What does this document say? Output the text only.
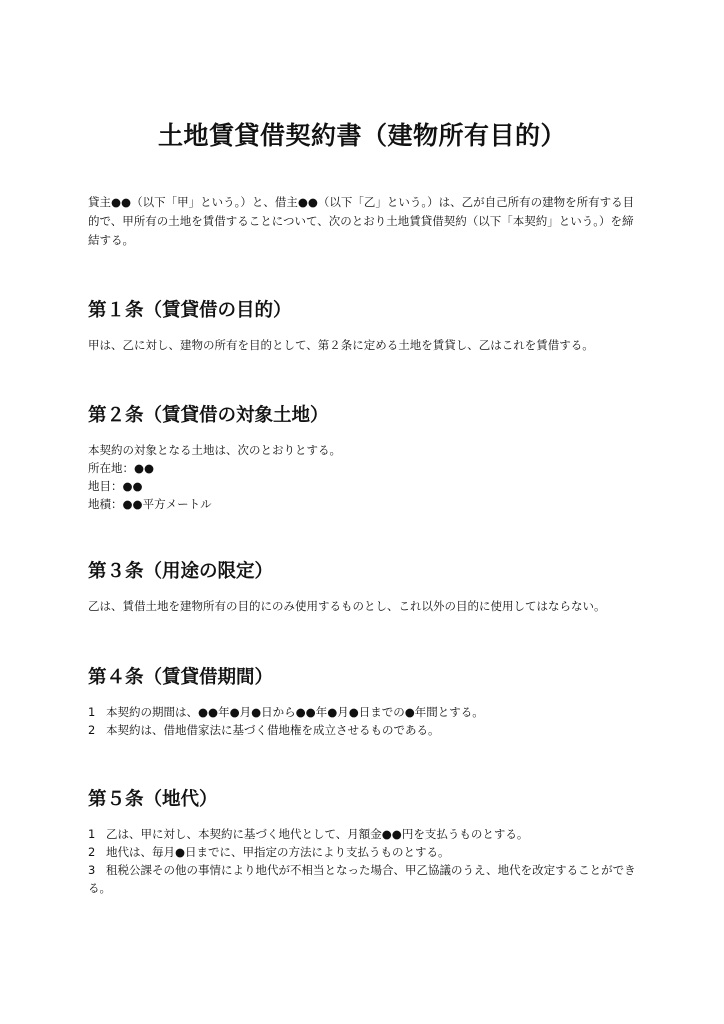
土地賃貸借契約書（建物所有目的）

貸主●●（以下「甲」という。）と、借主●●（以下「乙」という。）は、乙が自己所有の建物を所有する目的で、甲所有の土地を賃借することについて、次のとおり土地賃貸借契約（以下「本契約」という。）を締結する。

第１条（賃貸借の目的）
甲は、乙に対し、建物の所有を目的として、第２条に定める土地を賃貸し、乙はこれを賃借する。
第２条（賃貸借の対象土地）
本契約の対象となる土地は、次のとおりとする。
所在地：●●
地目：●●
地積：●●平方メートル
第３条（用途の限定）
乙は、賃借土地を建物所有の目的にのみ使用するものとし、これ以外の目的に使用してはならない。
第４条（賃貸借期間）
1 本契約の期間は、●●年●月●日から●●年●月●日までの●年間とする。
2 本契約は、借地借家法に基づく借地権を成立させるものである。
第５条（地代）
1 乙は、甲に対し、本契約に基づく地代として、月額金●●円を支払うものとする。
2 地代は、毎月●日までに、甲指定の方法により支払うものとする。
3 租税公課その他の事情により地代が不相当となった場合、甲乙協議のうえ、地代を改定することができる。
